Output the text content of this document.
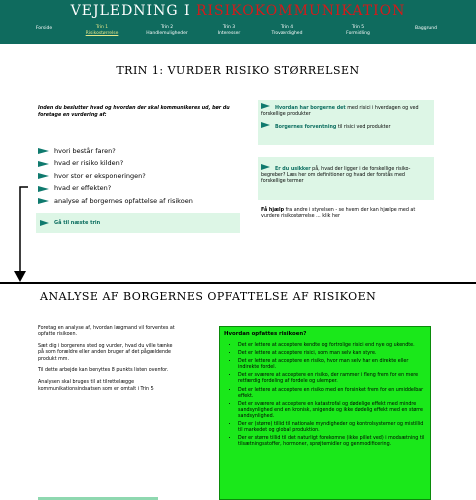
VEJLEDNING I RISIKOKOMMUNIKATION
Forside	Trin 1
Risikostørrelse
Trin 2
Handlemuligheder
Trin 3
Interesser
Trin 4
Troværdighed
Trin 5
Formidling
Baggrund
TRIN 1: VURDER RISIKO STØRRELSEN
Inden du beslutter hvad og hvordan der skal kommunikeres ud, bør du foretage en vurdering af:
hvori består faren?
hvad er risiko kilden?
hvor stor er eksponeringen?
hvad er effekten?
analyse af borgernes opfattelse af risikoen
Gå til næste trin
Hvordan har borgerne det med risici i hverdagen og ved forskellige produkter
Borgernes forventning til risici ved produkter
Er du usikker på, hvad der ligger i de forskellige risiko-begreber? Læs her om definitioner og hvad der forstås med forskellige termer
Få hjælp fra andre i styrelsen - se hvem der kan hjælpe med at vurdere risikostørrelse ... klik her
ANALYSE AF BORGERNES OPFATTELSE AF RISIKOEN

Foretag en analyse af, hvordan lægmand vil forventes at opfatte risikoen.

Sæt dig i borgerens sted og vurder, hvad du ville tænke på som forældre eller anden bruger af det pågældende produkt mm.

Til dette arbejde kan benyttes 8 punkts listen ovenfor.

Analysen skal bruges til at tilrettelægge kommunikationsindsatsen som er omtalt i Trin 5

Hvordan opfattes risikoen?
• Det er lettere at acceptere kendte og fortrolige risici end nye og ukendte.
• Det er lettere at acceptere risici, som man selv kan styre.
• Det er lettere at acceptere en risiko, hvor man selv har en direkte eller indirekte fordel.
• Det er sværere at acceptere en risiko, der rammer i fleng frem for en mere retfærdig fordeling af fordele og ulemper.
• Det er lettere at acceptere en risiko med en forsinket frem for en umiddelbar effekt.
• Det er sværere at acceptere en katastrofal og dødelige effekt med mindre sandsynlighed end en kronisk, snigende og ikke dødelig effekt med en større sandsynlighed.
• Der er (større) tillid til nationale myndigheder og kontrolsystemer og mistillid til markedet og global produktion.
• Der er større tillid til det naturligt forekomne (ikke pillet ved) i modsætning til tilsætningsstoffer, hormoner, sprøjtemidler og genmodificering.
